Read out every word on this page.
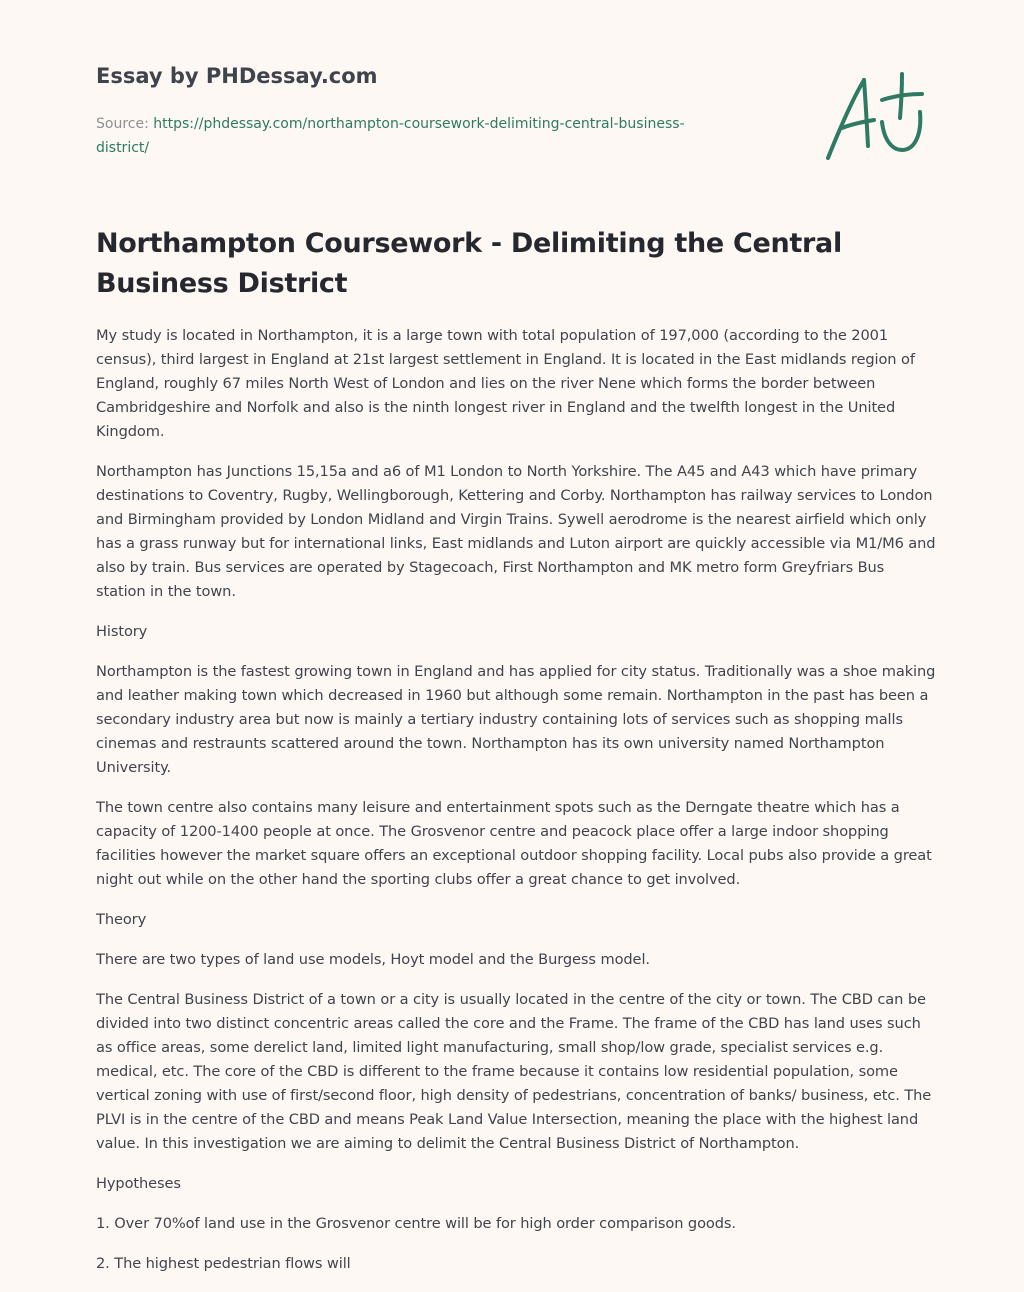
Essay by PHDessay.com
Source: https://phdessay.com/northampton-coursework-delimiting-central-business-district/
Northampton Coursework - Delimiting the Central Business District

My study is located in Northampton, it is a large town with total population of 197,000 (according to the 2001 census), third largest in England at 21st largest settlement in England. It is located in the East midlands region of England, roughly 67 miles North West of London and lies on the river Nene which forms the border between Cambridgeshire and Norfolk and also is the ninth longest river in England and the twelfth longest in the United Kingdom.

Northampton has Junctions 15,15a and a6 of M1 London to North Yorkshire. The A45 and A43 which have primary destinations to Coventry, Rugby, Wellingborough, Kettering and Corby. Northampton has railway services to London and Birmingham provided by London Midland and Virgin Trains. Sywell aerodrome is the nearest airfield which only has a grass runway but for international links, East midlands and Luton airport are quickly accessible via M1/M6 and also by train. Bus services are operated by Stagecoach, First Northampton and MK metro form Greyfriars Bus station in the town.

History

Northampton is the fastest growing town in England and has applied for city status. Traditionally was a shoe making and leather making town which decreased in 1960 but although some remain. Northampton in the past has been a secondary industry area but now is mainly a tertiary industry containing lots of services such as shopping malls cinemas and restraunts scattered around the town. Northampton has its own university named Northampton University.

The town centre also contains many leisure and entertainment spots such as the Derngate theatre which has a capacity of 1200-1400 people at once. The Grosvenor centre and peacock place offer a large indoor shopping facilities however the market square offers an exceptional outdoor shopping facility. Local pubs also provide a great night out while on the other hand the sporting clubs offer a great chance to get involved.

Theory

There are two types of land use models, Hoyt model and the Burgess model.

The Central Business District of a town or a city is usually located in the centre of the city or town. The CBD can be divided into two distinct concentric areas called the core and the Frame. The frame of the CBD has land uses such as office areas, some derelict land, limited light manufacturing, small shop/low grade, specialist services e.g. medical, etc. The core of the CBD is different to the frame because it contains low residential population, some vertical zoning with use of first/second floor, high density of pedestrians, concentration of banks/ business, etc. The PLVI is in the centre of the CBD and means Peak Land Value Intersection, meaning the place with the highest land value. In this investigation we are aiming to delimit the Central Business District of Northampton.

Hypotheses

1. Over 70%of land use in the Grosvenor centre will be for high order comparison goods.

2. The highest pedestrian flows will
